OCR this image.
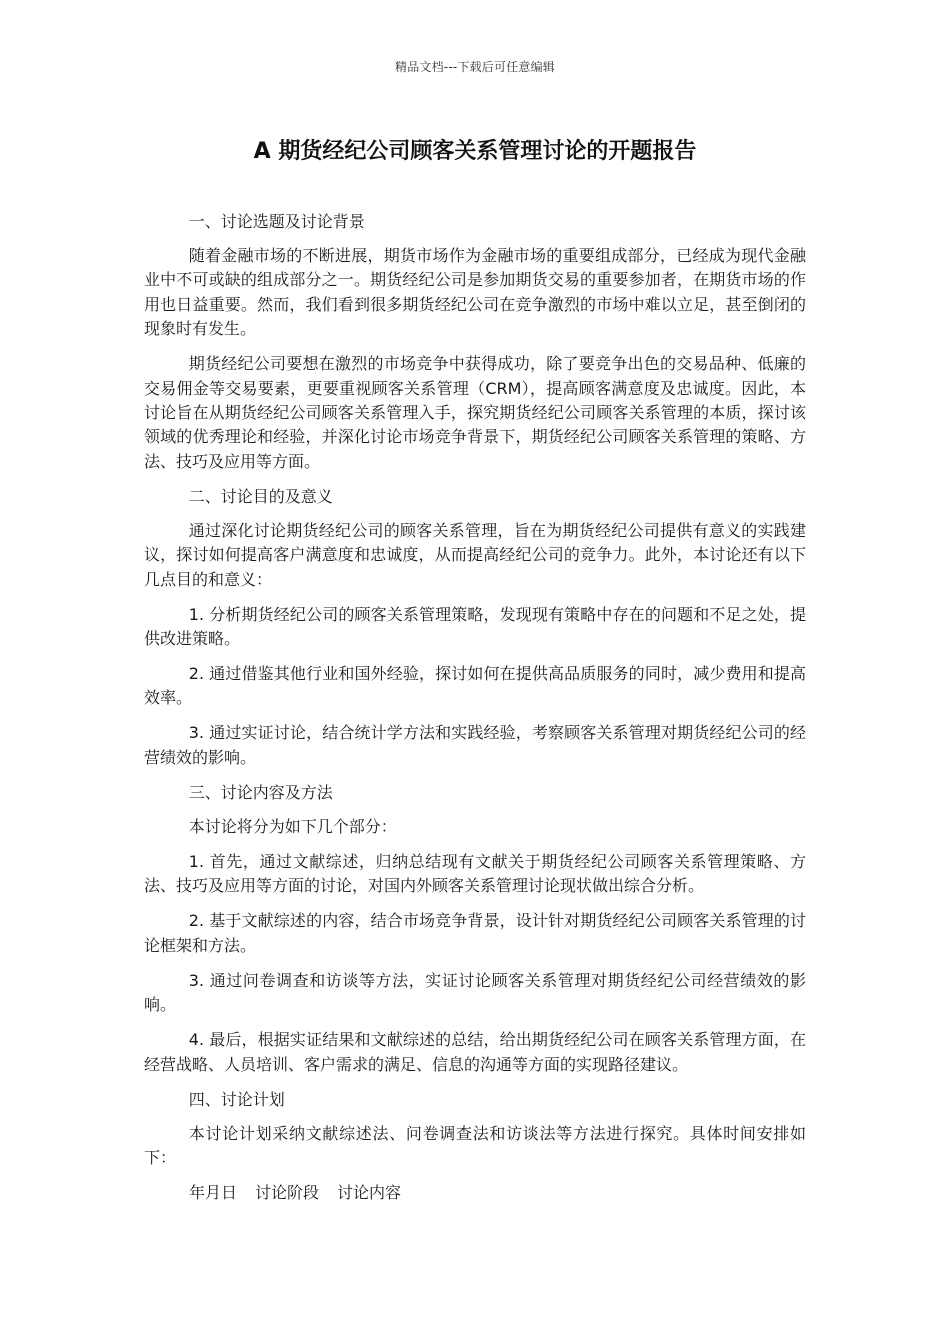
精品文档---下载后可任意编辑
A 期货经纪公司顾客关系管理讨论的开题报告
一、讨论选题及讨论背景

随着金融市场的不断进展，期货市场作为金融市场的重要组成部分，已经成为现代金融业中不可或缺的组成部分之一。期货经纪公司是参加期货交易的重要参加者，在期货市场的作用也日益重要。然而，我们看到很多期货经纪公司在竞争激烈的市场中难以立足，甚至倒闭的现象时有发生。

期货经纪公司要想在激烈的市场竞争中获得成功，除了要竞争出色的交易品种、低廉的交易佣金等交易要素，更要重视顾客关系管理（CRM），提高顾客满意度及忠诚度。因此，本讨论旨在从期货经纪公司顾客关系管理入手，探究期货经纪公司顾客关系管理的本质，探讨该领域的优秀理论和经验，并深化讨论市场竞争背景下，期货经纪公司顾客关系管理的策略、方法、技巧及应用等方面。

二、讨论目的及意义

通过深化讨论期货经纪公司的顾客关系管理，旨在为期货经纪公司提供有意义的实践建议，探讨如何提高客户满意度和忠诚度，从而提高经纪公司的竞争力。此外，本讨论还有以下几点目的和意义：

1. 分析期货经纪公司的顾客关系管理策略，发现现有策略中存在的问题和不足之处，提供改进策略。

2. 通过借鉴其他行业和国外经验，探讨如何在提供高品质服务的同时，减少费用和提高效率。

3. 通过实证讨论，结合统计学方法和实践经验，考察顾客关系管理对期货经纪公司的经营绩效的影响。

三、讨论内容及方法

本讨论将分为如下几个部分：

1. 首先，通过文献综述，归纳总结现有文献关于期货经纪公司顾客关系管理策略、方法、技巧及应用等方面的讨论，对国内外顾客关系管理讨论现状做出综合分析。

2. 基于文献综述的内容，结合市场竞争背景，设计针对期货经纪公司顾客关系管理的讨论框架和方法。

3. 通过问卷调查和访谈等方法，实证讨论顾客关系管理对期货经纪公司经营绩效的影响。

4. 最后，根据实证结果和文献综述的总结，给出期货经纪公司在顾客关系管理方面，在经营战略、人员培训、客户需求的满足、信息的沟通等方面的实现路径建议。

四、讨论计划

本讨论计划采纳文献综述法、问卷调查法和访谈法等方法进行探究。具体时间安排如下：

年月日 讨论阶段 讨论内容
